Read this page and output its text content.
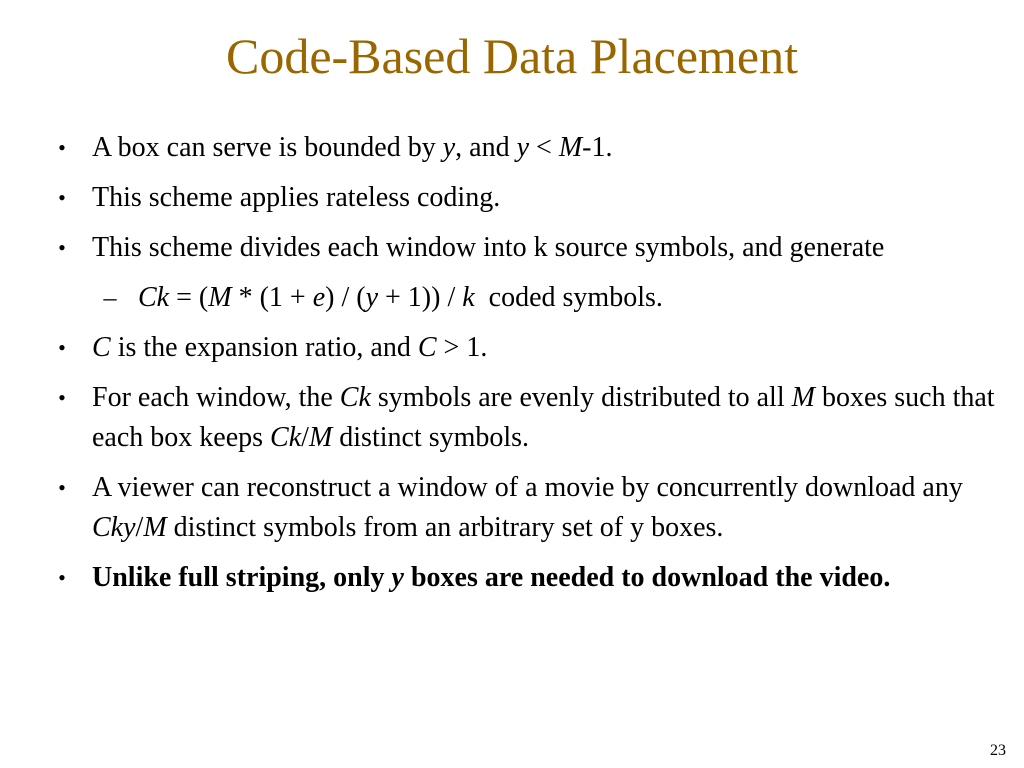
Code-Based Data Placement
• A box can serve is bounded by y, and y < M-1.
• This scheme applies rateless coding.
• This scheme divides each window into k source symbols, and generate
– Ck = (M * (1 + e) / (y + 1)) / k  coded symbols.
• C is the expansion ratio, and C > 1.
• For each window, the Ck symbols are evenly distributed to all M boxes such that each box keeps Ck/M distinct symbols.
• A viewer can reconstruct a window of a movie by concurrently download any Cky/M distinct symbols from an arbitrary set of y boxes.
• Unlike full striping, only y boxes are needed to download the video.
23
